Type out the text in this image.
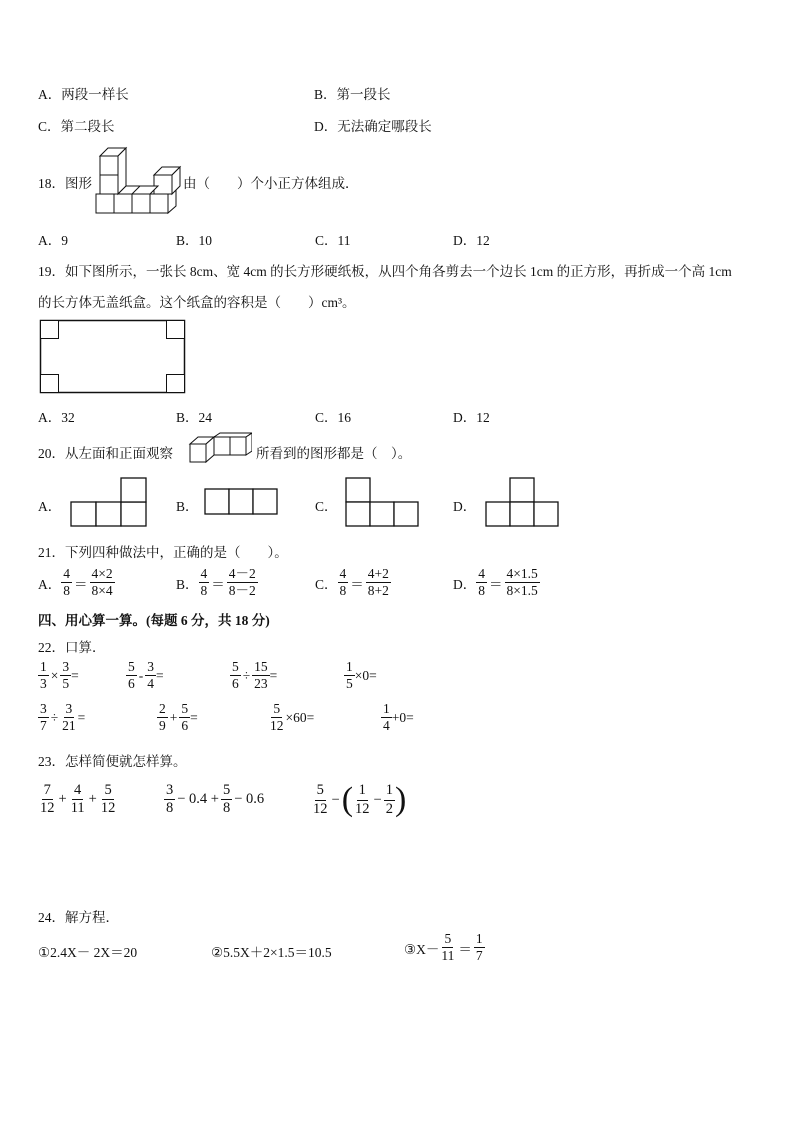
A．两段一样长	B．第一段长
C．第二段长	D．无法确定哪段长
18．图形	由（　　）个小正方体组成．
A．9	B．10	C．11	D．12
19．如下图所示，一张长 8cm、宽 4cm 的长方形硬纸板，从四个角各剪去一个边长 1cm 的正方形，再折成一个高 1cm
的长方体无盖纸盒。这个纸盒的容积是（　　）cm³。
A．32	B．24	C．16	D．12
20．从左面和正面观察	所看到的图形都是（　）。
A．	B．	C．	D．
21．下列四种做法中，正确的是（　　）。
A． $\frac{4}{8} = \frac{4\times 2}{8\times 4}$	B． $\frac{4}{8} = \frac{4-2}{8-2}$	C． $\frac{4}{8} = \frac{4+2}{8+2}$	D． $\frac{4}{8} = \frac{4\times 1.5}{8\times 1.5}$
四、用心算一算。(每题 6 分，共 18 分)
22．口算．
$\frac{1}{3} \times \frac{3}{5}$ =	$\frac{5}{6} - \frac{3}{4}$ =	$\frac{5}{6} \div \frac{15}{23}$ =	$\frac{1}{5} \times 0=$
$\frac{3}{7} \div \frac{3}{21}$ =	$\frac{2}{9} + \frac{5}{6}$ =	$\frac{5}{12} \times 60=$	$\frac{1}{4} +0=$
23．怎样简便就怎样算。
$\frac{7}{12} + \frac{4}{11} + \frac{5}{12}$	$\frac{3}{8} - 0.4 + \frac{5}{8} - 0.6$	$\frac{5}{12}$ − ( $\frac{1}{12} - \frac{1}{2}$ )
24．解方程．
①2.4X－ 2X＝20	②5.5X＋2×1.5＝10.5	③X－ $\frac{5}{11} = \frac{1}{7}$
